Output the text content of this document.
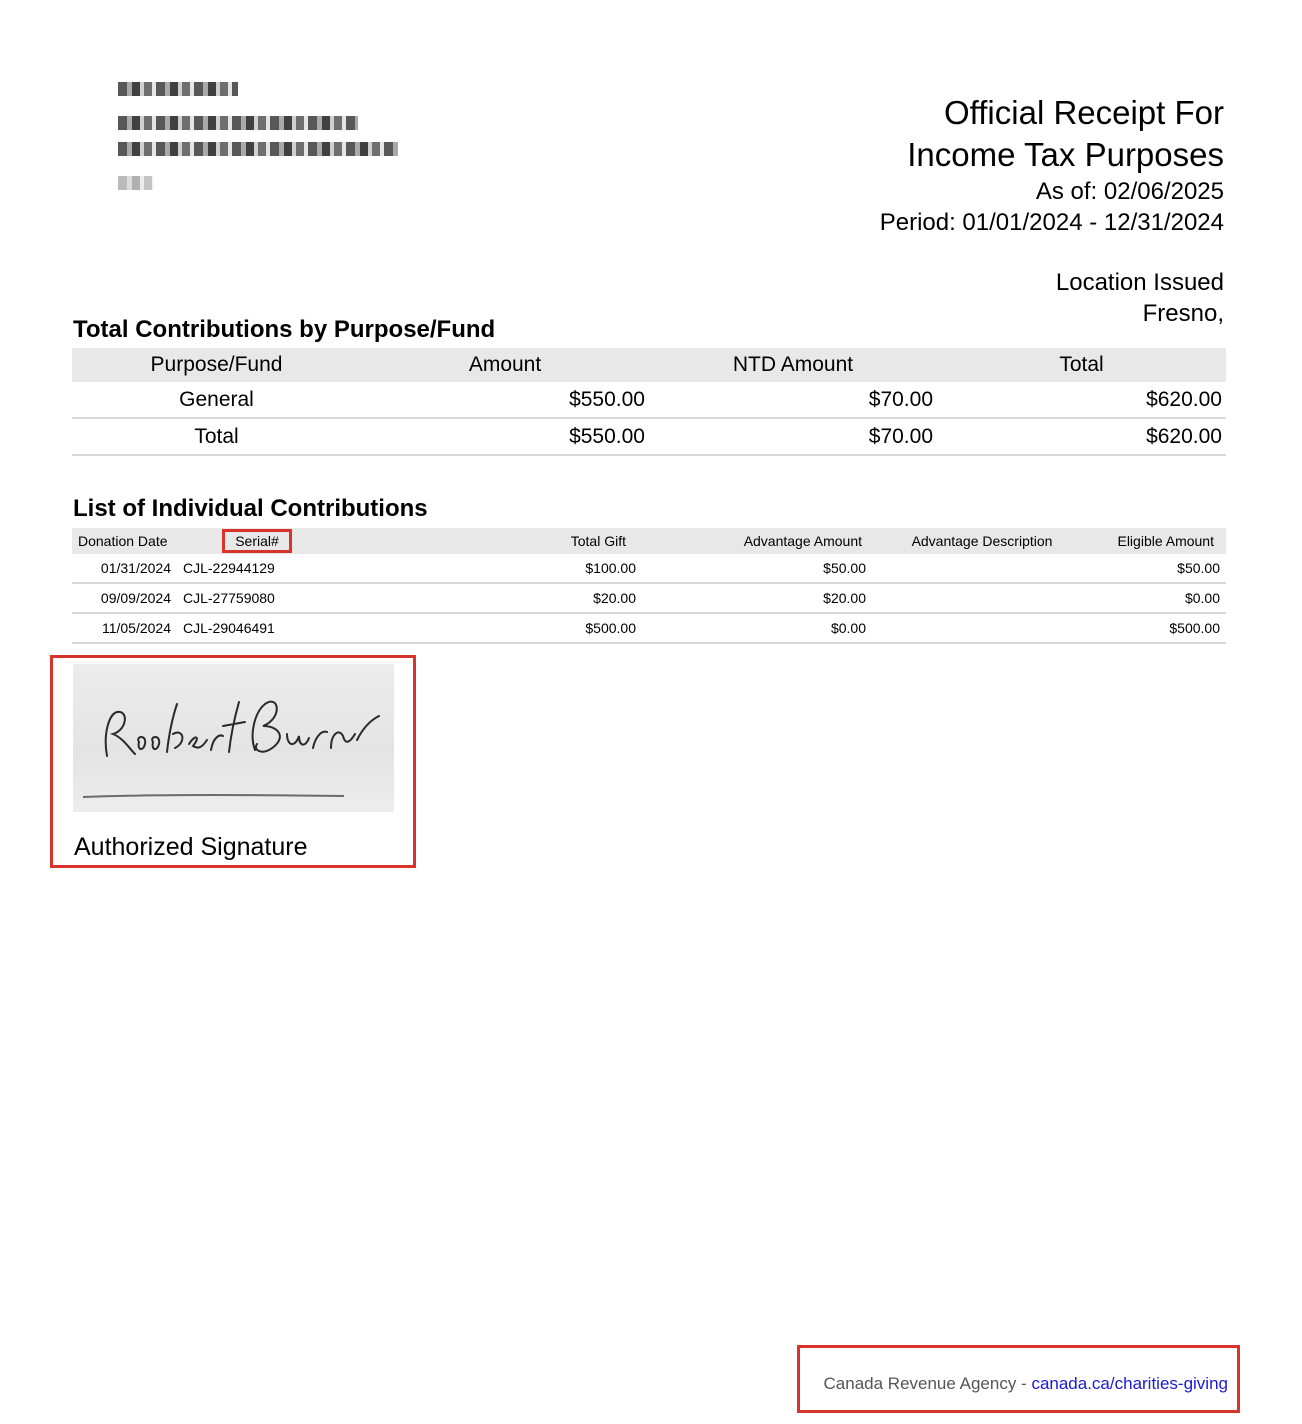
Official Receipt For
Income Tax Purposes
As of: 02/06/2025
Period: 01/01/2024 - 12/31/2024
Location Issued
Fresno,
Total Contributions by Purpose/Fund
Purpose/Fund	Amount	NTD Amount	Total
General	$550.00	$70.00	$620.00
Total	$550.00	$70.00	$620.00
List of Individual Contributions
Donation Date	Serial#	Total Gift	Advantage Amount	Advantage Description	Eligible Amount
01/31/2024	CJL-22944129	$100.00	$50.00		$50.00
09/09/2024	CJL-27759080	$20.00	$20.00		$0.00
11/05/2024	CJL-29046491	$500.00	$0.00		$500.00
Authorized Signature
Canada Revenue Agency - canada.ca/charities-giving
